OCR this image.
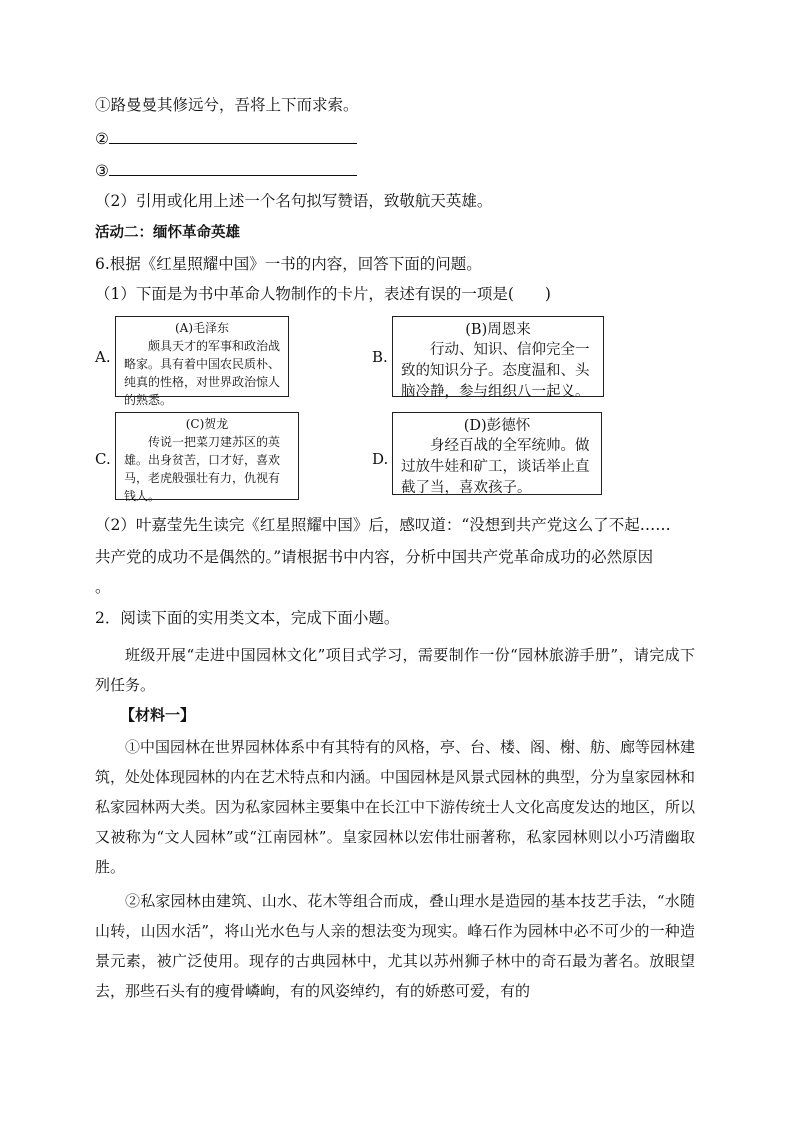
①路曼曼其修远兮，吾将上下而求索。
②
③
（2）引用或化用上述一个名句拟写赞语，致敬航天英雄。
活动二：缅怀革命英雄
6.根据《红星照耀中国》一书的内容，回答下面的问题。
（1）下面是为书中革命人物制作的卡片，表述有误的一项是(　　)
A.
(A)毛泽东
颇具天才的军事和政治战略家。具有着中国农民质朴、纯真的性格，对世界政治惊人的熟悉。
B.
(B)周恩来
行动、知识、信仰完全一致的知识分子。态度温和、头脑冷静，参与组织八一起义。
C.
(C)贺龙
传说一把菜刀建苏区的英雄。出身贫苦，口才好，喜欢马，老虎般强壮有力，仇视有钱人。
D.
(D)彭德怀
身经百战的全军统帅。做过放牛娃和矿工，谈话举止直截了当，喜欢孩子。
（2）叶嘉莹先生读完《红星照耀中国》后，感叹道：“没想到共产党这么了不起……
共产党的成功不是偶然的。”请根据书中内容，分析中国共产党革命成功的必然原因
。
2．阅读下面的实用类文本，完成下面小题。
班级开展“走进中国园林文化”项目式学习，需要制作一份“园林旅游手册”，请完成下列任务。
【材料一】
①中国园林在世界园林体系中有其特有的风格，亭、台、楼、阁、榭、舫、廊等园林建筑，处处体现园林的内在艺术特点和内涵。中国园林是风景式园林的典型，分为皇家园林和私家园林两大类。因为私家园林主要集中在长江中下游传统士人文化高度发达的地区，所以又被称为“文人园林”或“江南园林”。皇家园林以宏伟壮丽著称，私家园林则以小巧清幽取胜。
②私家园林由建筑、山水、花木等组合而成，叠山理水是造园的基本技艺手法，“水随山转，山因水活”，将山光水色与人亲的想法变为现实。峰石作为园林中必不可少的一种造景元素，被广泛使用。现存的古典园林中，尤其以苏州狮子林中的奇石最为著名。放眼望去，那些石头有的瘦骨嶙峋，有的风姿绰约，有的娇憨可爱，有的
